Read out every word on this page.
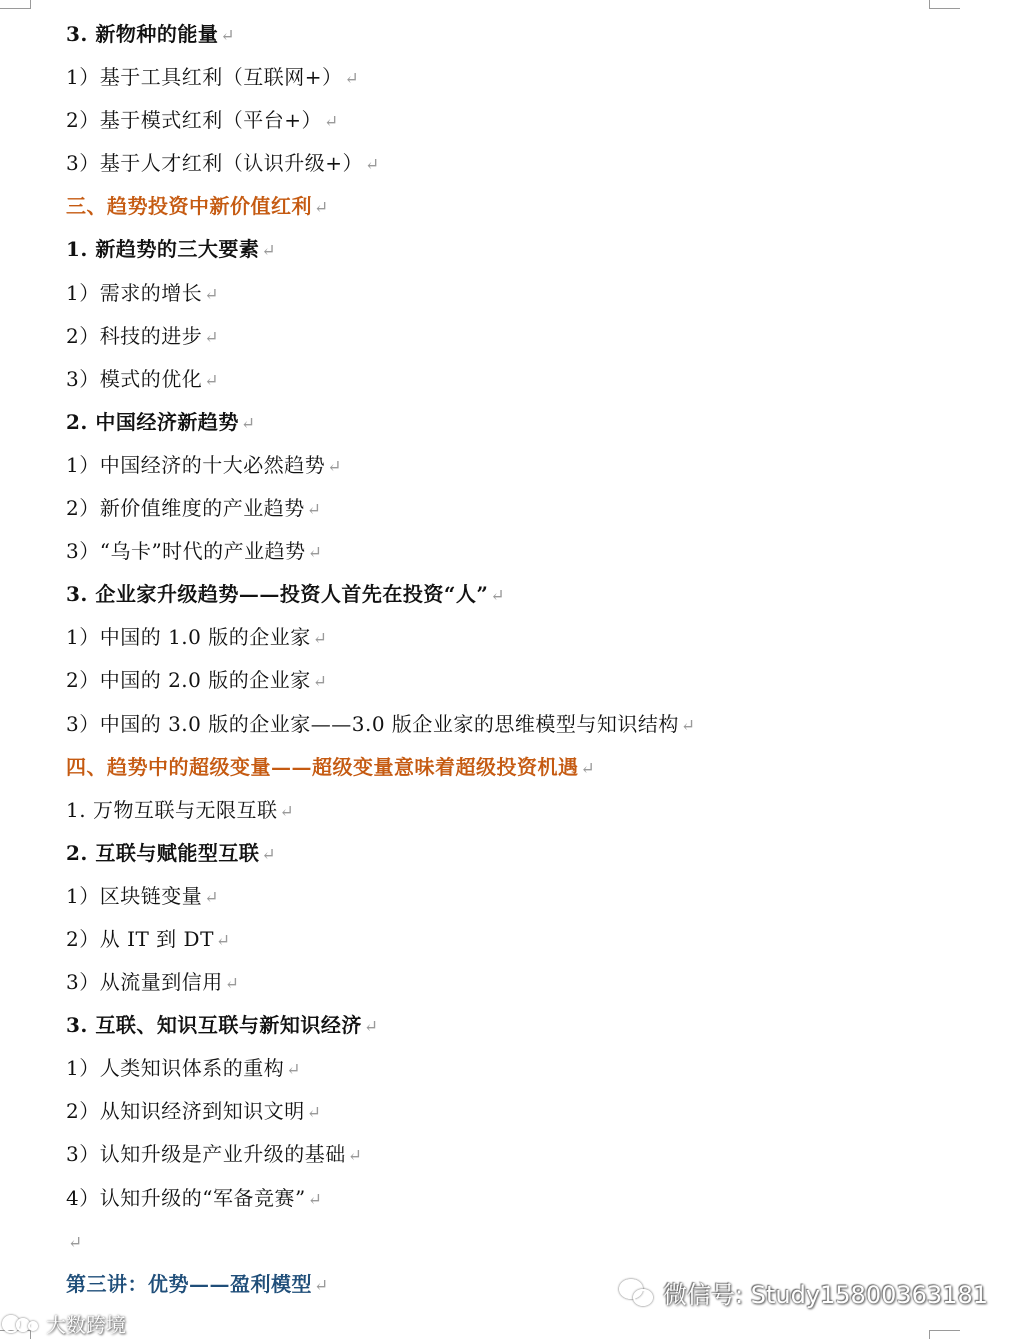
3. 新物种的能量 ↵
1）基于工具红利（互联网+） ↵
2）基于模式红利（平台+） ↵
3）基于人才红利（认识升级+） ↵
三、趋势投资中新价值红利 ↵
1. 新趋势的三大要素 ↵
1）需求的增长 ↵
2）科技的进步 ↵
3）模式的优化 ↵
2. 中国经济新趋势 ↵
1）中国经济的十大必然趋势 ↵
2）新价值维度的产业趋势 ↵
3）“乌卡”时代的产业趋势 ↵
3. 企业家升级趋势——投资人首先在投资“人” ↵
1）中国的 1.0 版的企业家 ↵
2）中国的 2.0 版的企业家 ↵
3）中国的 3.0 版的企业家——3.0 版企业家的思维模型与知识结构 ↵
四、趋势中的超级变量——超级变量意味着超级投资机遇 ↵
1. 万物互联与无限互联 ↵
2. 互联与赋能型互联 ↵
1）区块链变量 ↵
2）从 IT 到 DT ↵
3）从流量到信用 ↵
3. 互联、知识互联与新知识经济 ↵
1）人类知识体系的重构 ↵
2）从知识经济到知识文明 ↵
3）认知升级是产业升级的基础 ↵
4）认知升级的“军备竞赛” ↵
↵
第三讲：优势——盈利模型 ↵	微信号: Study15800363181
大数跨境
